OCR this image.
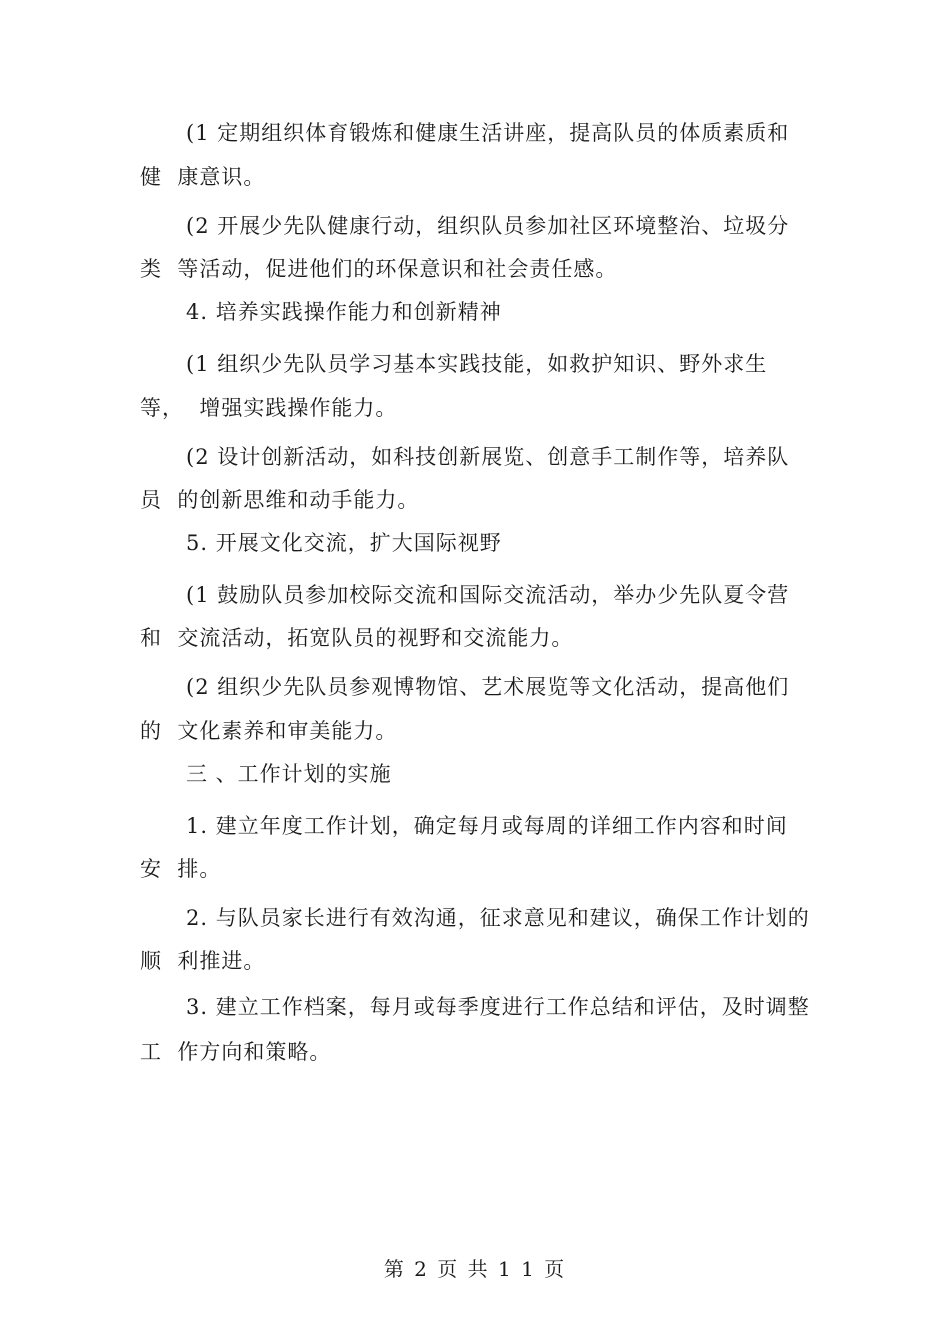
(1 定期组织体育锻炼和健康生活讲座，提高队员的体质素质和
健  康意识。
(2 开展少先队健康行动，组织队员参加社区环境整治、垃圾分
类  等活动，促进他们的环保意识和社会责任感。
4. 培养实践操作能力和创新精神
(1 组织少先队员学习基本实践技能，如救护知识、野外求生
等，  增强实践操作能力。
(2 设计创新活动，如科技创新展览、创意手工制作等，培养队
员  的创新思维和动手能力。
5. 开展文化交流，扩大国际视野
(1 鼓励队员参加校际交流和国际交流活动，举办少先队夏令营
和  交流活动，拓宽队员的视野和交流能力。
(2 组织少先队员参观博物馆、艺术展览等文化活动，提高他们
的  文化素养和审美能力。
三 、工作计划的实施
1. 建立年度工作计划，确定每月或每周的详细工作内容和时间
安  排。
2. 与队员家长进行有效沟通，征求意见和建议，确保工作计划的
顺  利推进。
3. 建立工作档案，每月或每季度进行工作总结和评估，及时调整
工  作方向和策略。
第 2 页 共 1 1 页
